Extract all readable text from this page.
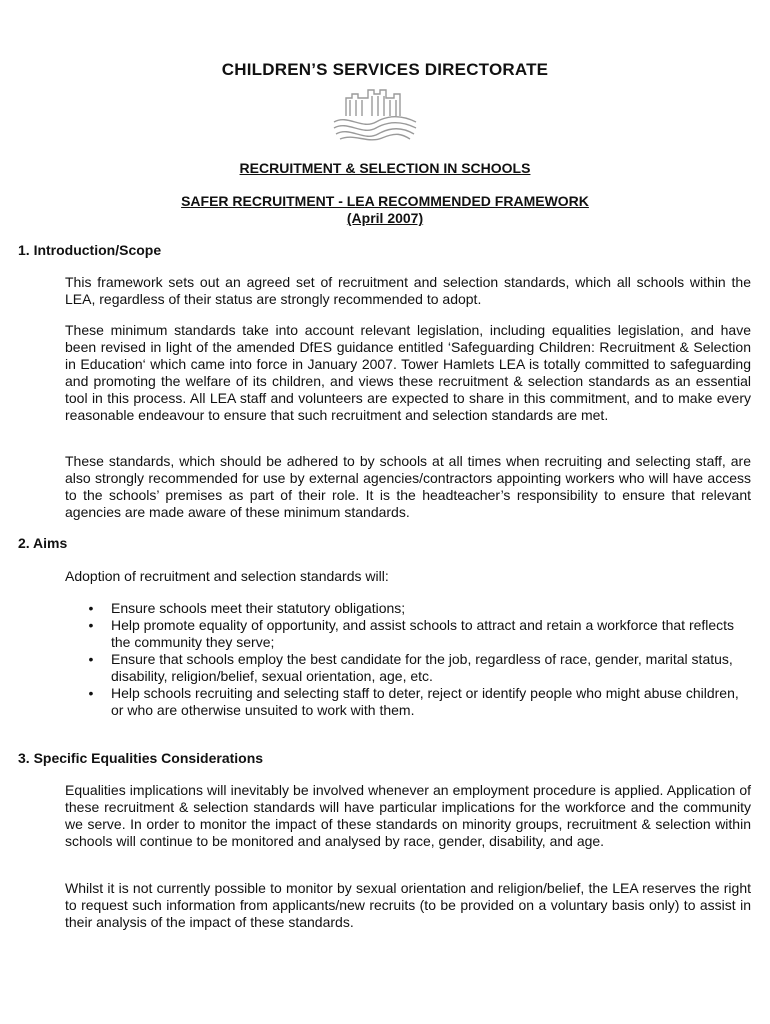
CHILDREN’S SERVICES DIRECTORATE
RECRUITMENT & SELECTION IN SCHOOLS
SAFER RECRUITMENT - LEA RECOMMENDED FRAMEWORK
(April 2007)
1. Introduction/Scope

This framework sets out an agreed set of recruitment and selection standards, which all schools within the LEA, regardless of their status are strongly recommended to adopt.

These minimum standards take into account relevant legislation, including equalities legislation, and have been revised in light of the amended DfES guidance entitled ‘Safeguarding Children: Recruitment & Selection in Education‘ which came into force in January 2007. Tower Hamlets LEA is totally committed to safeguarding and promoting the welfare of its children, and views these recruitment & selection standards as an essential tool in this process. All LEA staff and volunteers are expected to share in this commitment, and to make every reasonable endeavour to ensure that such recruitment and selection standards are met.

These standards, which should be adhered to by schools at all times when recruiting and selecting staff, are also strongly recommended for use by external agencies/contractors appointing workers who will have access to the schools’ premises as part of their role. It is the headteacher’s responsibility to ensure that relevant agencies are made aware of these minimum standards.

2. Aims

Adoption of recruitment and selection standards will:

• Ensure schools meet their statutory obligations;
• Help promote equality of opportunity, and assist schools to attract and retain a workforce that reflects the community they serve;
• Ensure that schools employ the best candidate for the job, regardless of race, gender, marital status, disability, religion/belief, sexual orientation, age, etc.
• Help schools recruiting and selecting staff to deter, reject or identify people who might abuse children, or who are otherwise unsuited to work with them.
3. Specific Equalities Considerations

Equalities implications will inevitably be involved whenever an employment procedure is applied. Application of these recruitment & selection standards will have particular implications for the workforce and the community we serve. In order to monitor the impact of these standards on minority groups, recruitment & selection within schools will continue to be monitored and analysed by race, gender, disability, and age.

Whilst it is not currently possible to monitor by sexual orientation and religion/belief, the LEA reserves the right to request such information from applicants/new recruits (to be provided on a voluntary basis only) to assist in their analysis of the impact of these standards.
